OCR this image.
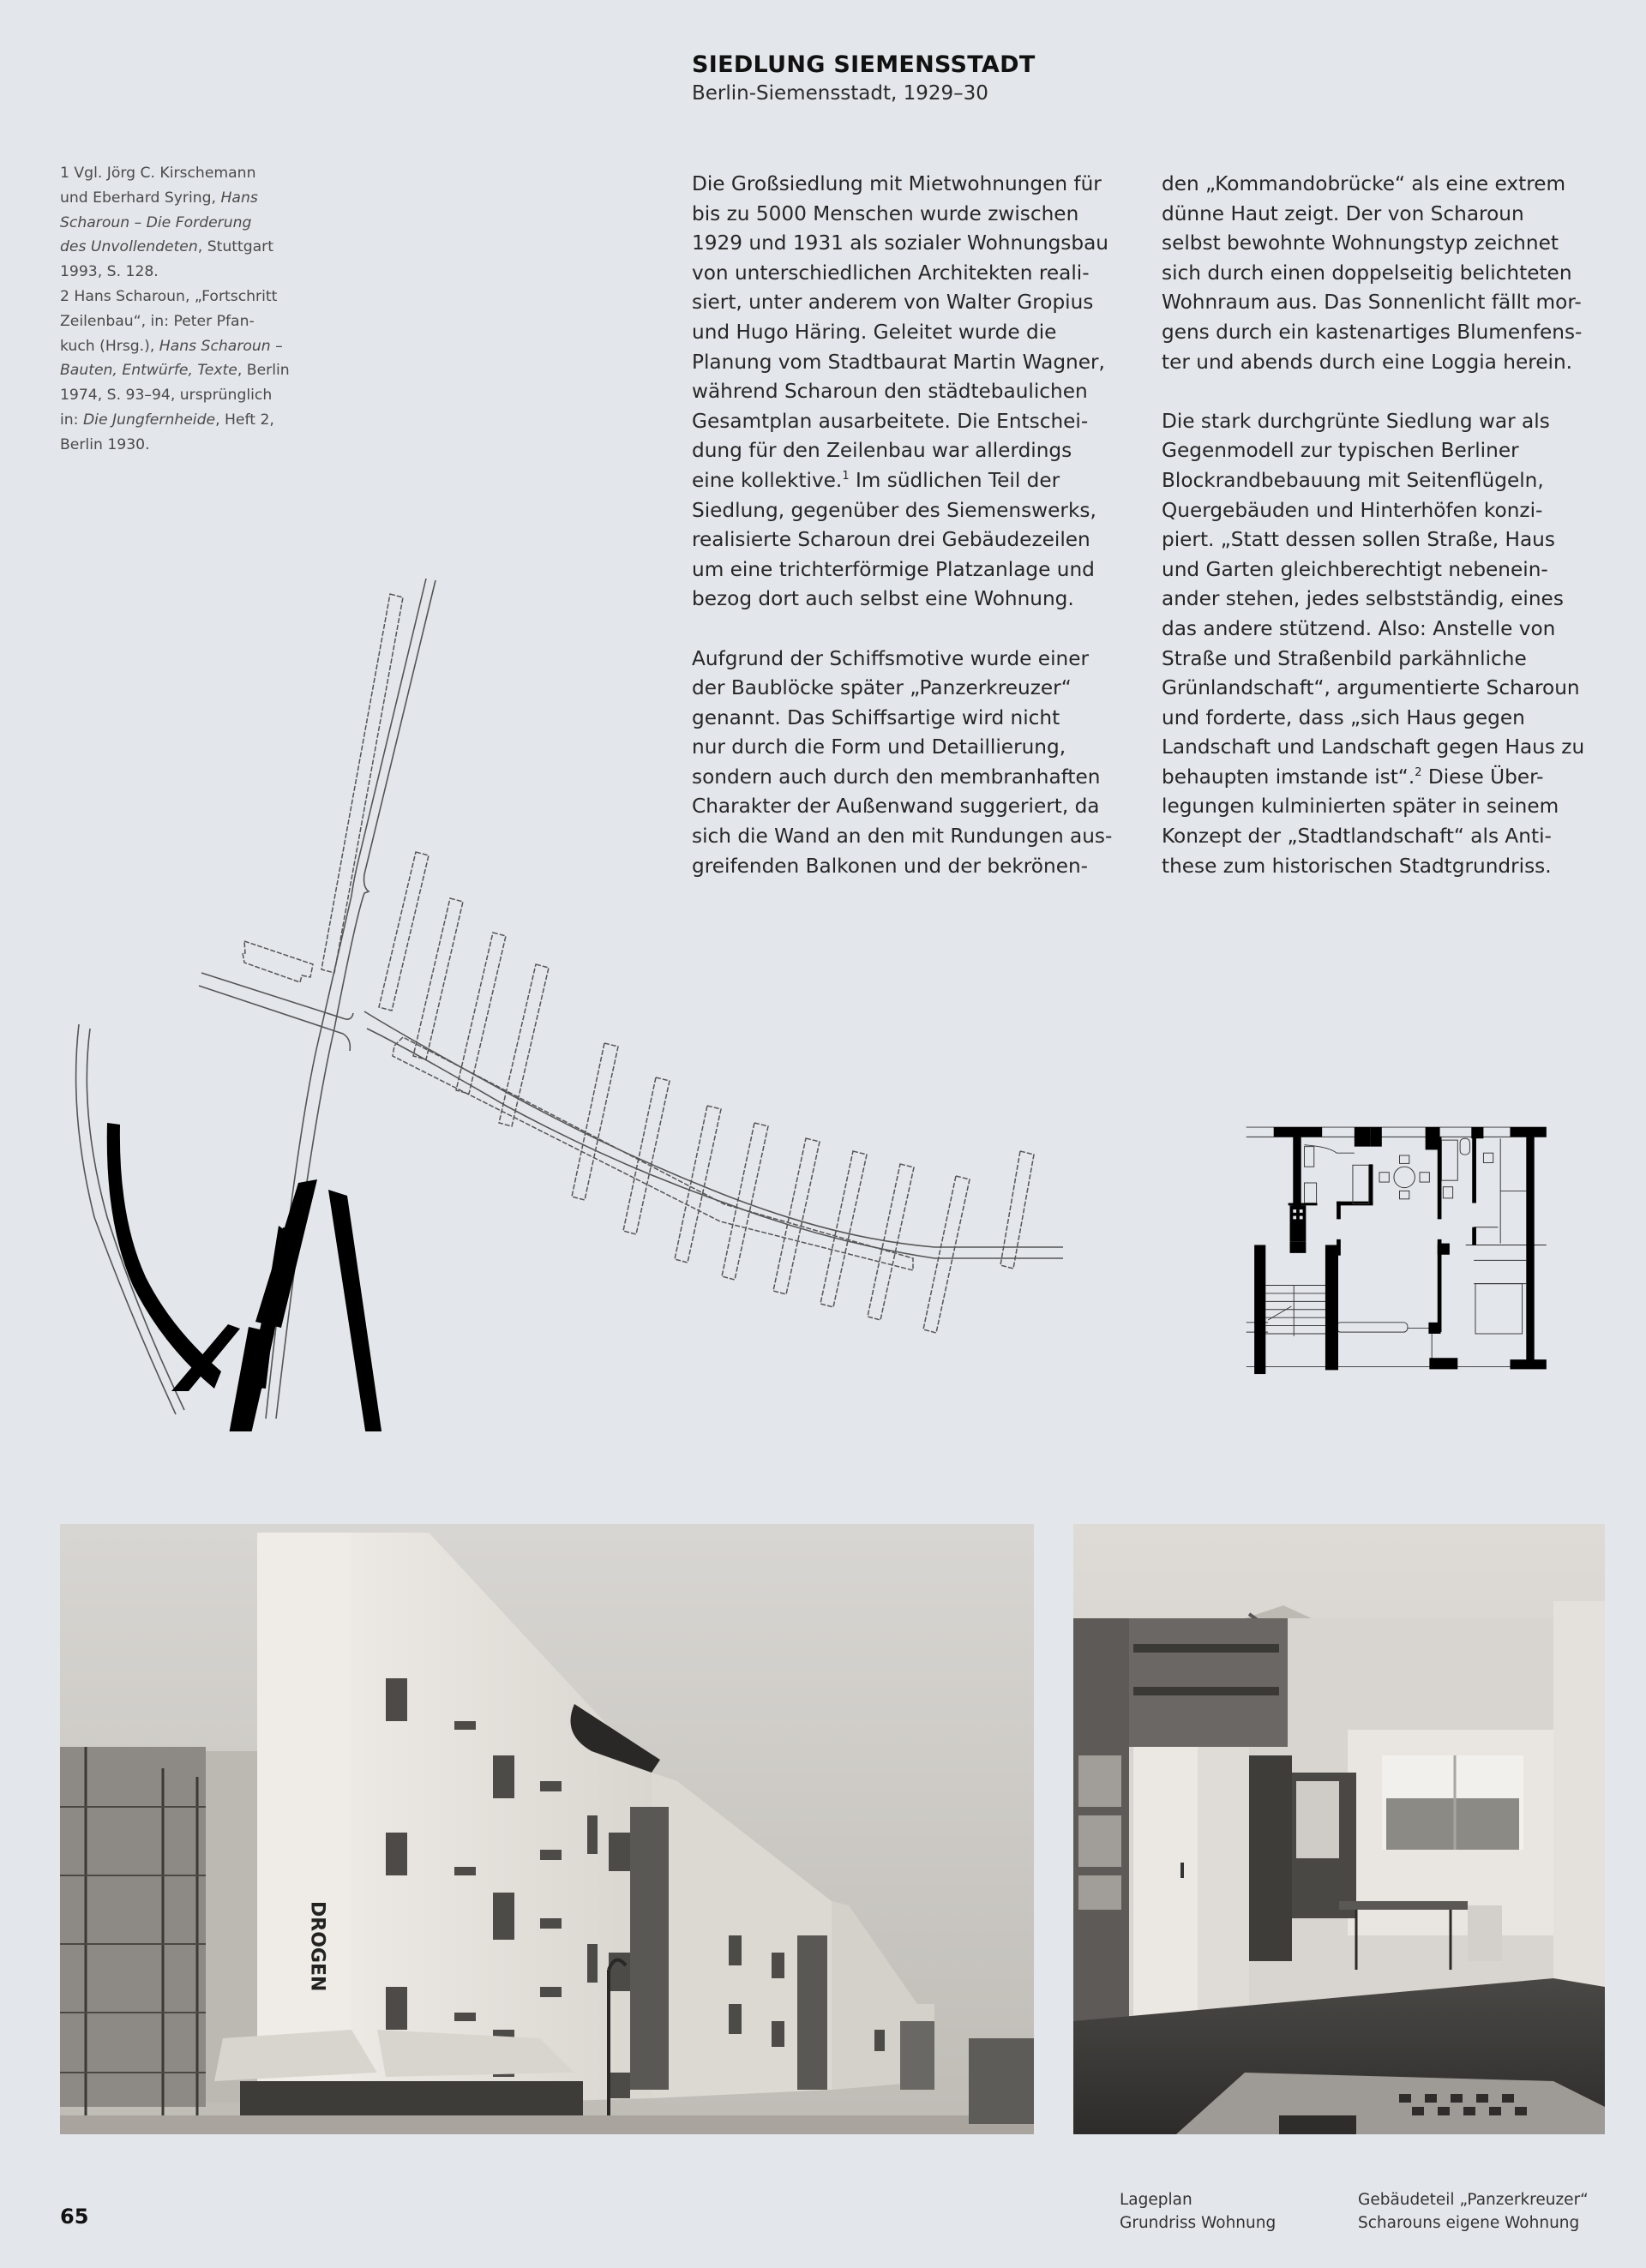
SIEDLUNG SIEMENSSTADT
Berlin-Siemensstadt, 1929–30
1 Vgl. Jörg C. Kirschemann
und Eberhard Syring, Hans
Scharoun – Die Forderung
des Unvollendeten, Stuttgart
1993, S. 128.
2 Hans Scharoun, „Fortschritt
Zeilenbau“, in: Peter Pfan-
kuch (Hrsg.), Hans Scharoun –
Bauten, Entwürfe, Texte, Berlin
1974, S. 93–94, ursprünglich
in: Die Jungfernheide, Heft 2,
Berlin 1930.

Die Großsiedlung mit Mietwohnungen für
bis zu 5000 Menschen wurde zwischen
1929 und 1931 als sozialer Wohnungsbau
von unterschiedlichen Architekten reali-
siert, unter anderem von Walter Gropius
und Hugo Häring. Geleitet wurde die
Planung vom Stadtbaurat Martin Wagner,
während Scharoun den städtebaulichen
Gesamtplan ausarbeitete. Die Entschei-
dung für den Zeilenbau war allerdings
eine kollektive.$^1$ Im südlichen Teil der
Siedlung, gegenüber des Siemenswerks,
realisierte Scharoun drei Gebäudezeilen
um eine trichterförmige Platzanlage und
bezog dort auch selbst eine Wohnung.

Aufgrund der Schiffsmotive wurde einer
der Baublöcke später „Panzerkreuzer“
genannt. Das Schiffsartige wird nicht
nur durch die Form und Detaillierung,
sondern auch durch den membranhaften
Charakter der Außenwand suggeriert, da
sich die Wand an den mit Rundungen aus-
greifenden Balkonen und der bekrönen-

den „Kommandobrücke“ als eine extrem
dünne Haut zeigt. Der von Scharoun
selbst bewohnte Wohnungstyp zeichnet
sich durch einen doppelseitig belichteten
Wohnraum aus. Das Sonnenlicht fällt mor-
gens durch ein kastenartiges Blumenfens-
ter und abends durch eine Loggia herein.

Die stark durchgrünte Siedlung war als
Gegenmodell zur typischen Berliner
Blockrandbebauung mit Seitenflügeln,
Quergebäuden und Hinterhöfen konzi-
piert. „Statt dessen sollen Straße, Haus
und Garten gleichberechtigt nebenein-
ander stehen, jedes selbstständig, eines
das andere stützend. Also: Anstelle von
Straße und Straßenbild parkähnliche
Grünlandschaft“, argumentierte Scharoun
und forderte, dass „sich Haus gegen
Landschaft und Landschaft gegen Haus zu
behaupten imstande ist“.$^2$ Diese Über-
legungen kulminierten später in seinem
Konzept der „Stadtlandschaft“ als Anti-
these zum historischen Stadtgrundriss.

DROGEN
65
Lageplan
Grundriss Wohnung
Gebäudeteil „Panzerkreuzer“
Scharouns eigene Wohnung
